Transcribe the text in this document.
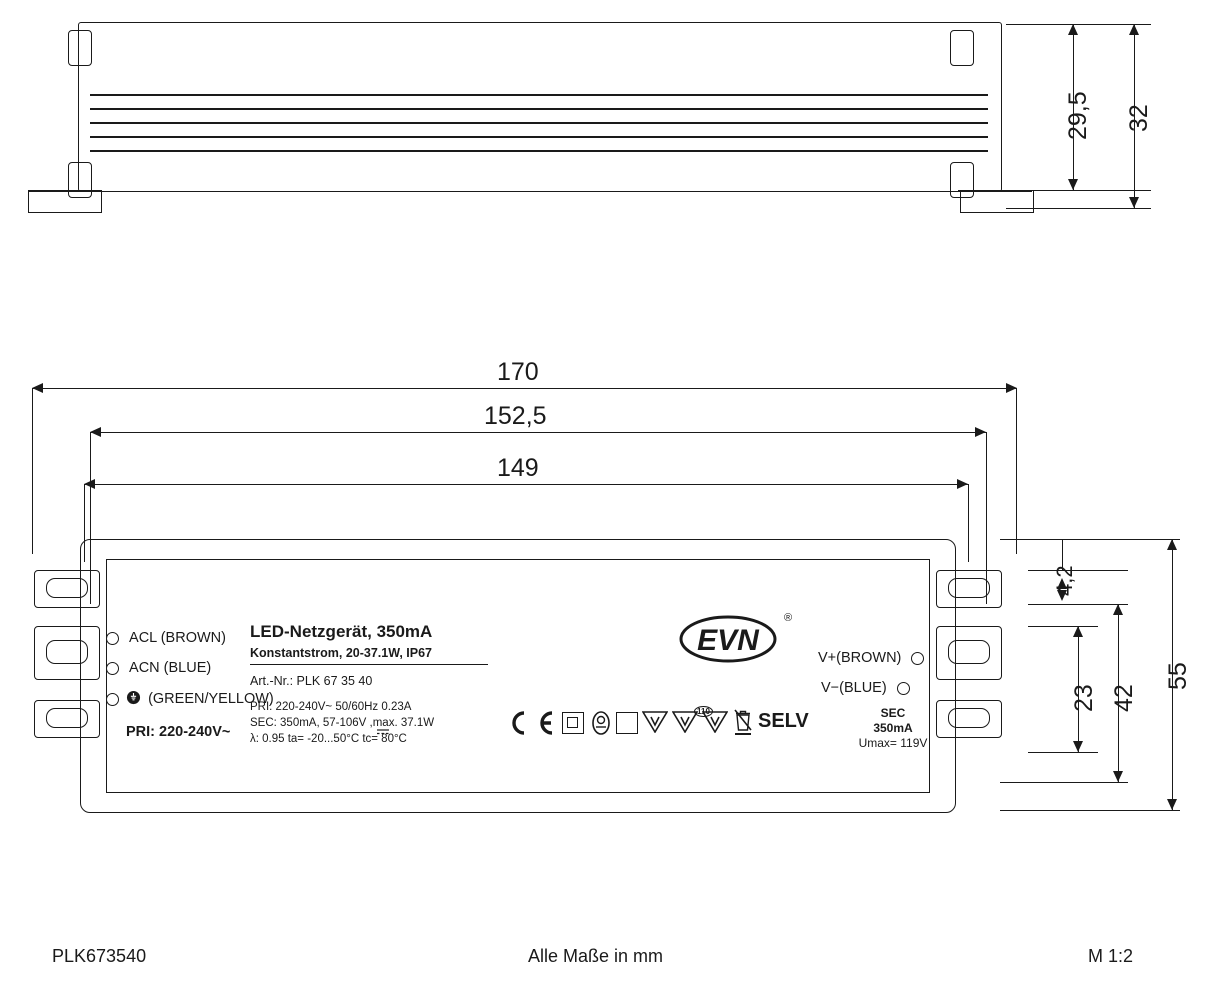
29,5 32
170
152,5
149
ACL (BROWN)
ACN (BLUE)
(GREEN/YELLOW)
PRI: 220-240V~
LED-Netzgerät, 350mA
Konstantstrom, 20-37.1W, IP67
Art.-Nr.: PLK 67 35 40
PRI: 220-240V~ 50/60Hz 0.23A
SEC: 350mA, 57-106V ,max. 37.1W
λ: 0.95 ta= -20...50°C tc= 80°C
110 SELV
EVN
®
V+(BROWN)
V−(BLUE)
SEC
350mA
Umax= 119V
4,2
23 42
55
PLK673540	Alle Maße in mm	M 1:2
